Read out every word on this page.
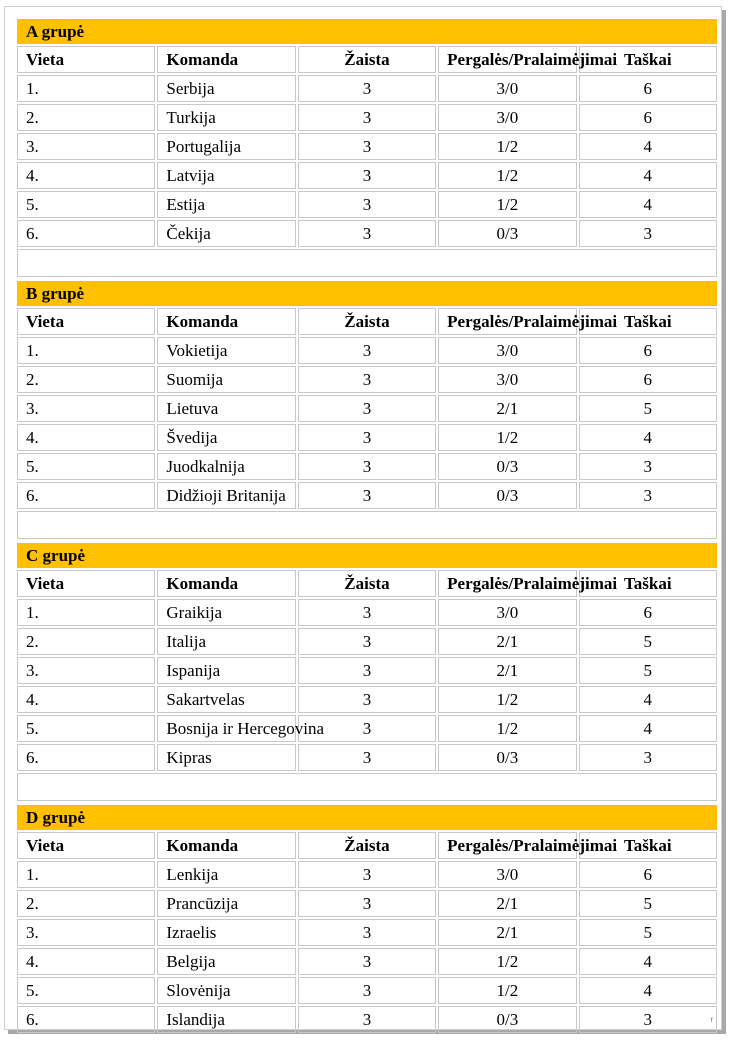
A grupė				
Vieta	Komanda	Žaista	Pergalės/Pralaimėjimai	Taškai
1.	Serbija	3	3/0	6
2.	Turkija	3	3/0	6
3.	Portugalija	3	1/2	4
4.	Latvija	3	1/2	4
5.	Estija	3	1/2	4
6.	Čekija	3	0/3	3

B grupė				
Vieta	Komanda	Žaista	Pergalės/Pralaimėjimai	Taškai
1.	Vokietija	3	3/0	6
2.	Suomija	3	3/0	6
3.	Lietuva	3	2/1	5
4.	Švedija	3	1/2	4
5.	Juodkalnija	3	0/3	3
6.	Didžioji Britanija	3	0/3	3

C grupė				
Vieta	Komanda	Žaista	Pergalės/Pralaimėjimai	Taškai
1.	Graikija	3	3/0	6
2.	Italija	3	2/1	5
3.	Ispanija	3	2/1	5
4.	Sakartvelas	3	1/2	4
5.	Bosnija ir Hercegovina	3	1/2	4
6.	Kipras	3	0/3	3

D grupė				
Vieta	Komanda	Žaista	Pergalės/Pralaimėjimai	Taškai
1.	Lenkija	3	3/0	6
2.	Prancūzija	3	2/1	5
3.	Izraelis	3	2/1	5
4.	Belgija	3	1/2	4
5.	Slovėnija	3	1/2	4
6.	Islandija	3	0/3	3	r
